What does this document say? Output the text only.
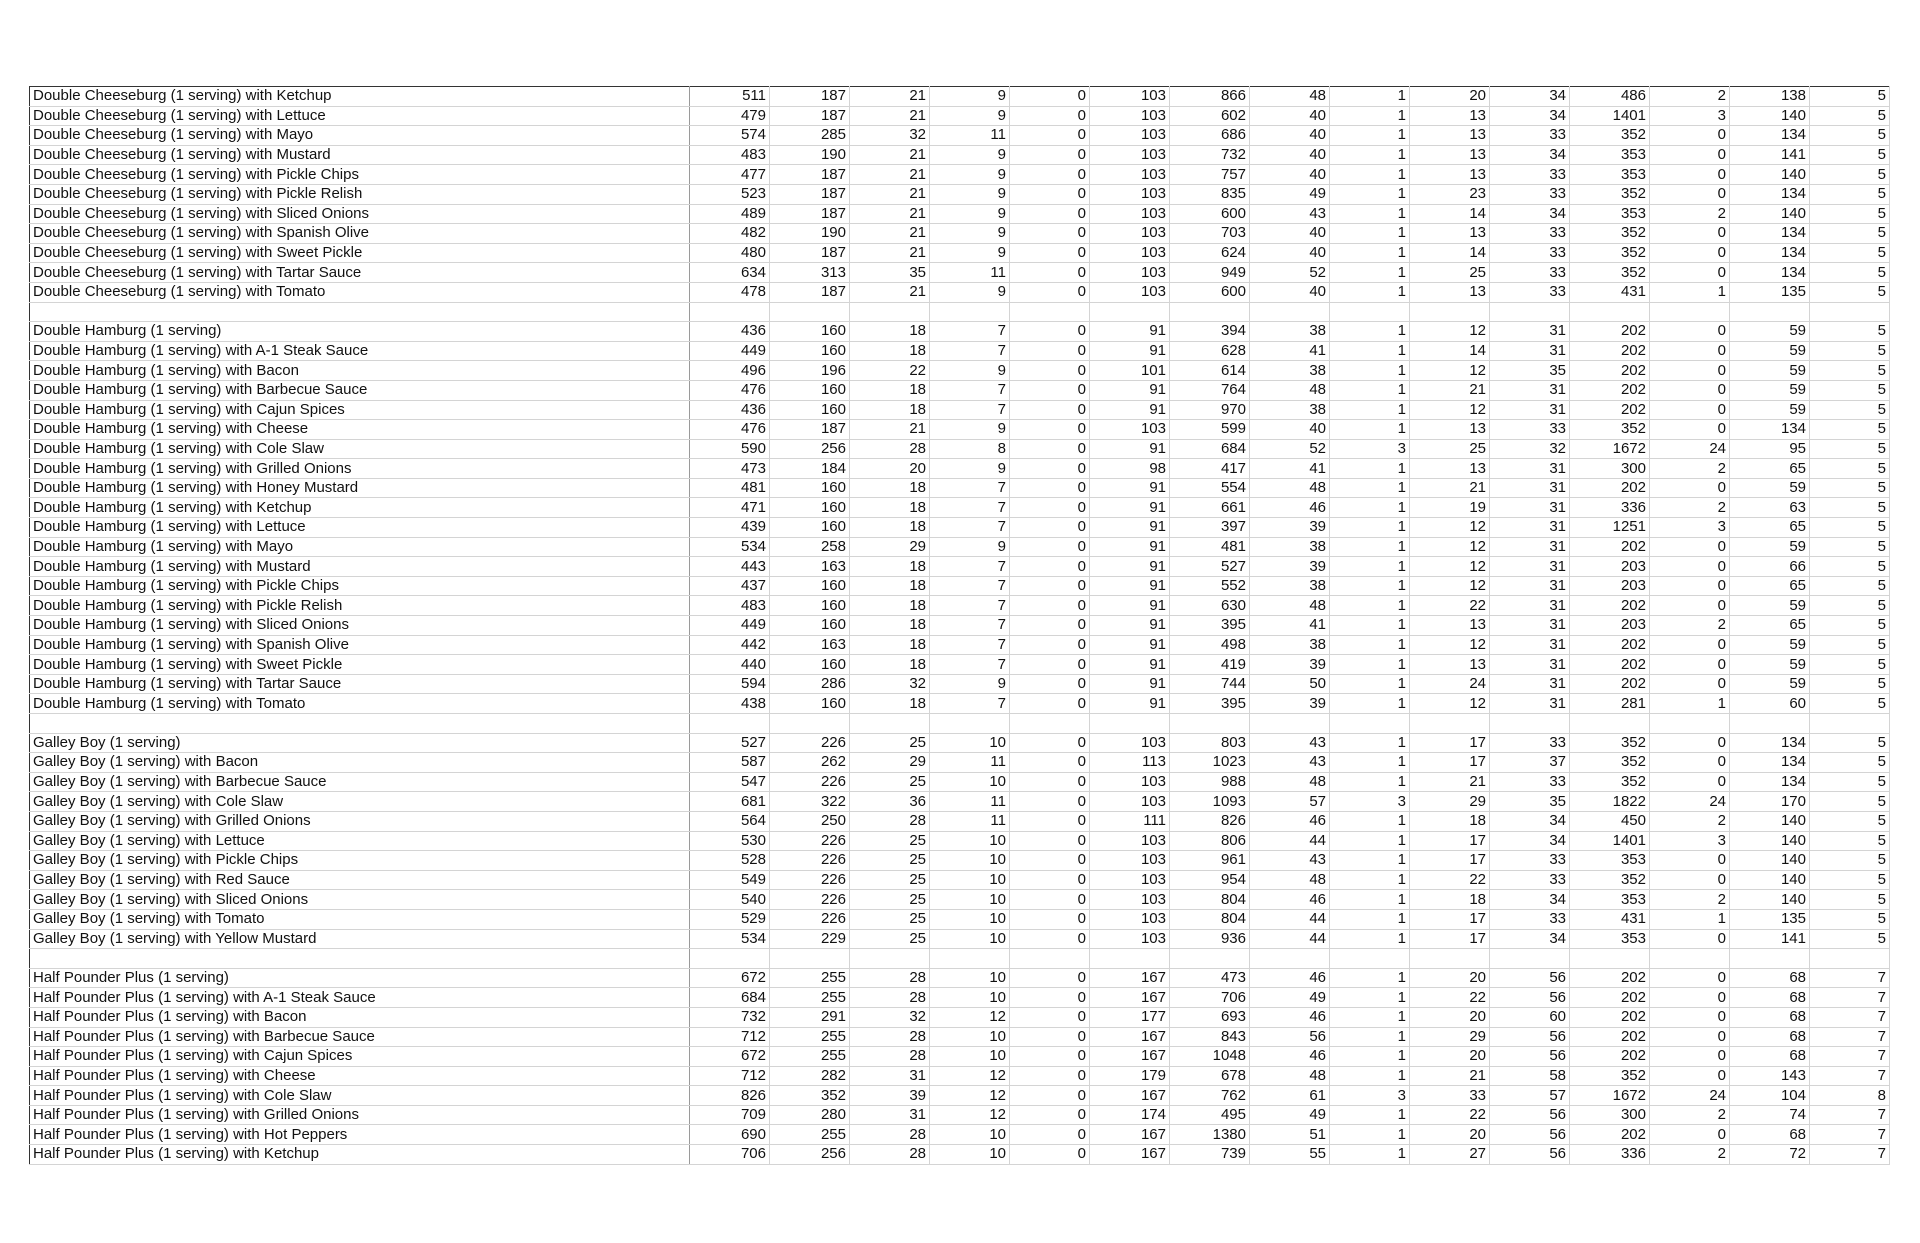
Double Cheeseburg (1 serving) with Ketchup	511	187	21	9	0	103	866	48	1	20	34	486	2	138	5
Double Cheeseburg (1 serving) with Lettuce	479	187	21	9	0	103	602	40	1	13	34	1401	3	140	5
Double Cheeseburg (1 serving) with Mayo	574	285	32	11	0	103	686	40	1	13	33	352	0	134	5
Double Cheeseburg (1 serving) with Mustard	483	190	21	9	0	103	732	40	1	13	34	353	0	141	5
Double Cheeseburg (1 serving) with Pickle Chips	477	187	21	9	0	103	757	40	1	13	33	353	0	140	5
Double Cheeseburg (1 serving) with Pickle Relish	523	187	21	9	0	103	835	49	1	23	33	352	0	134	5
Double Cheeseburg (1 serving) with Sliced Onions	489	187	21	9	0	103	600	43	1	14	34	353	2	140	5
Double Cheeseburg (1 serving) with Spanish Olive	482	190	21	9	0	103	703	40	1	13	33	352	0	134	5
Double Cheeseburg (1 serving) with Sweet Pickle	480	187	21	9	0	103	624	40	1	14	33	352	0	134	5
Double Cheeseburg (1 serving) with Tartar Sauce	634	313	35	11	0	103	949	52	1	25	33	352	0	134	5
Double Cheeseburg (1 serving) with Tomato	478	187	21	9	0	103	600	40	1	13	33	431	1	135	5

Double Hamburg (1 serving)	436	160	18	7	0	91	394	38	1	12	31	202	0	59	5
Double Hamburg (1 serving) with A-1 Steak Sauce	449	160	18	7	0	91	628	41	1	14	31	202	0	59	5
Double Hamburg (1 serving) with Bacon	496	196	22	9	0	101	614	38	1	12	35	202	0	59	5
Double Hamburg (1 serving) with Barbecue Sauce	476	160	18	7	0	91	764	48	1	21	31	202	0	59	5
Double Hamburg (1 serving) with Cajun Spices	436	160	18	7	0	91	970	38	1	12	31	202	0	59	5
Double Hamburg (1 serving) with Cheese	476	187	21	9	0	103	599	40	1	13	33	352	0	134	5
Double Hamburg (1 serving) with Cole Slaw	590	256	28	8	0	91	684	52	3	25	32	1672	24	95	5
Double Hamburg (1 serving) with Grilled Onions	473	184	20	9	0	98	417	41	1	13	31	300	2	65	5
Double Hamburg (1 serving) with Honey Mustard	481	160	18	7	0	91	554	48	1	21	31	202	0	59	5
Double Hamburg (1 serving) with Ketchup	471	160	18	7	0	91	661	46	1	19	31	336	2	63	5
Double Hamburg (1 serving) with Lettuce	439	160	18	7	0	91	397	39	1	12	31	1251	3	65	5
Double Hamburg (1 serving) with Mayo	534	258	29	9	0	91	481	38	1	12	31	202	0	59	5
Double Hamburg (1 serving) with Mustard	443	163	18	7	0	91	527	39	1	12	31	203	0	66	5
Double Hamburg (1 serving) with Pickle Chips	437	160	18	7	0	91	552	38	1	12	31	203	0	65	5
Double Hamburg (1 serving) with Pickle Relish	483	160	18	7	0	91	630	48	1	22	31	202	0	59	5
Double Hamburg (1 serving) with Sliced Onions	449	160	18	7	0	91	395	41	1	13	31	203	2	65	5
Double Hamburg (1 serving) with Spanish Olive	442	163	18	7	0	91	498	38	1	12	31	202	0	59	5
Double Hamburg (1 serving) with Sweet Pickle	440	160	18	7	0	91	419	39	1	13	31	202	0	59	5
Double Hamburg (1 serving) with Tartar Sauce	594	286	32	9	0	91	744	50	1	24	31	202	0	59	5
Double Hamburg (1 serving) with Tomato	438	160	18	7	0	91	395	39	1	12	31	281	1	60	5

Galley Boy (1 serving)	527	226	25	10	0	103	803	43	1	17	33	352	0	134	5
Galley Boy (1 serving) with Bacon	587	262	29	11	0	113	1023	43	1	17	37	352	0	134	5
Galley Boy (1 serving) with Barbecue Sauce	547	226	25	10	0	103	988	48	1	21	33	352	0	134	5
Galley Boy (1 serving) with Cole Slaw	681	322	36	11	0	103	1093	57	3	29	35	1822	24	170	5
Galley Boy (1 serving) with Grilled Onions	564	250	28	11	0	111	826	46	1	18	34	450	2	140	5
Galley Boy (1 serving) with Lettuce	530	226	25	10	0	103	806	44	1	17	34	1401	3	140	5
Galley Boy (1 serving) with Pickle Chips	528	226	25	10	0	103	961	43	1	17	33	353	0	140	5
Galley Boy (1 serving) with Red Sauce	549	226	25	10	0	103	954	48	1	22	33	352	0	140	5
Galley Boy (1 serving) with Sliced Onions	540	226	25	10	0	103	804	46	1	18	34	353	2	140	5
Galley Boy (1 serving) with Tomato	529	226	25	10	0	103	804	44	1	17	33	431	1	135	5
Galley Boy (1 serving) with Yellow Mustard	534	229	25	10	0	103	936	44	1	17	34	353	0	141	5

Half Pounder Plus (1 serving)	672	255	28	10	0	167	473	46	1	20	56	202	0	68	7
Half Pounder Plus (1 serving) with A-1 Steak Sauce	684	255	28	10	0	167	706	49	1	22	56	202	0	68	7
Half Pounder Plus (1 serving) with Bacon	732	291	32	12	0	177	693	46	1	20	60	202	0	68	7
Half Pounder Plus (1 serving) with Barbecue Sauce	712	255	28	10	0	167	843	56	1	29	56	202	0	68	7
Half Pounder Plus (1 serving) with Cajun Spices	672	255	28	10	0	167	1048	46	1	20	56	202	0	68	7
Half Pounder Plus (1 serving) with Cheese	712	282	31	12	0	179	678	48	1	21	58	352	0	143	7
Half Pounder Plus (1 serving) with Cole Slaw	826	352	39	12	0	167	762	61	3	33	57	1672	24	104	8
Half Pounder Plus (1 serving) with Grilled Onions	709	280	31	12	0	174	495	49	1	22	56	300	2	74	7
Half Pounder Plus (1 serving) with Hot Peppers	690	255	28	10	0	167	1380	51	1	20	56	202	0	68	7
Half Pounder Plus (1 serving) with Ketchup	706	256	28	10	0	167	739	55	1	27	56	336	2	72	7
